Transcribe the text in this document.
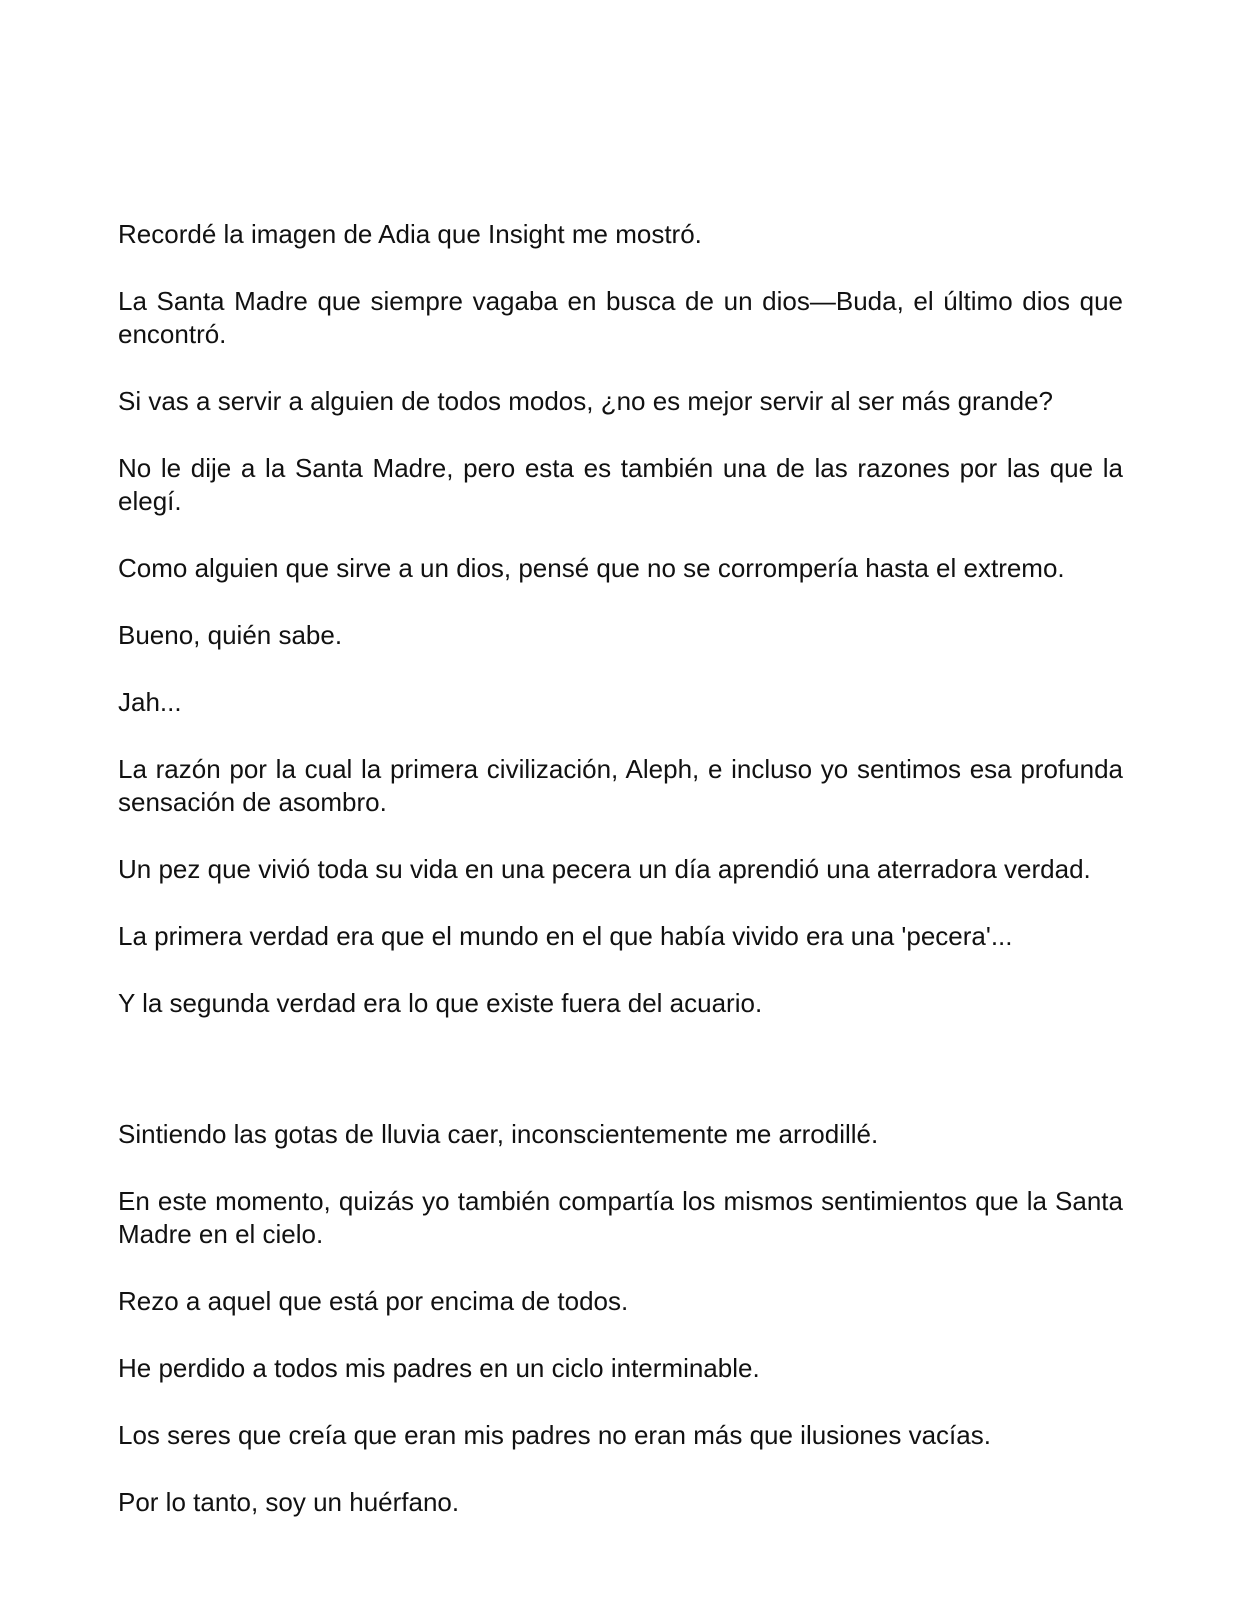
Recordé la imagen de Adia que Insight me mostró.

La Santa Madre que siempre vagaba en busca de un dios—Buda, el último dios que encontró.

Si vas a servir a alguien de todos modos, ¿no es mejor servir al ser más grande?

No le dije a la Santa Madre, pero esta es también una de las razones por las que la elegí.

Como alguien que sirve a un dios, pensé que no se corrompería hasta el extremo.

Bueno, quién sabe.

Jah...

La razón por la cual la primera civilización, Aleph, e incluso yo sentimos esa profunda sensación de asombro.

Un pez que vivió toda su vida en una pecera un día aprendió una aterradora verdad.

La primera verdad era que el mundo en el que había vivido era una 'pecera'...

Y la segunda verdad era lo que existe fuera del acuario.

Sintiendo las gotas de lluvia caer, inconscientemente me arrodillé.

En este momento, quizás yo también compartía los mismos sentimientos que la Santa Madre en el cielo.

Rezo a aquel que está por encima de todos.

He perdido a todos mis padres en un ciclo interminable.

Los seres que creía que eran mis padres no eran más que ilusiones vacías.

Por lo tanto, soy un huérfano.
